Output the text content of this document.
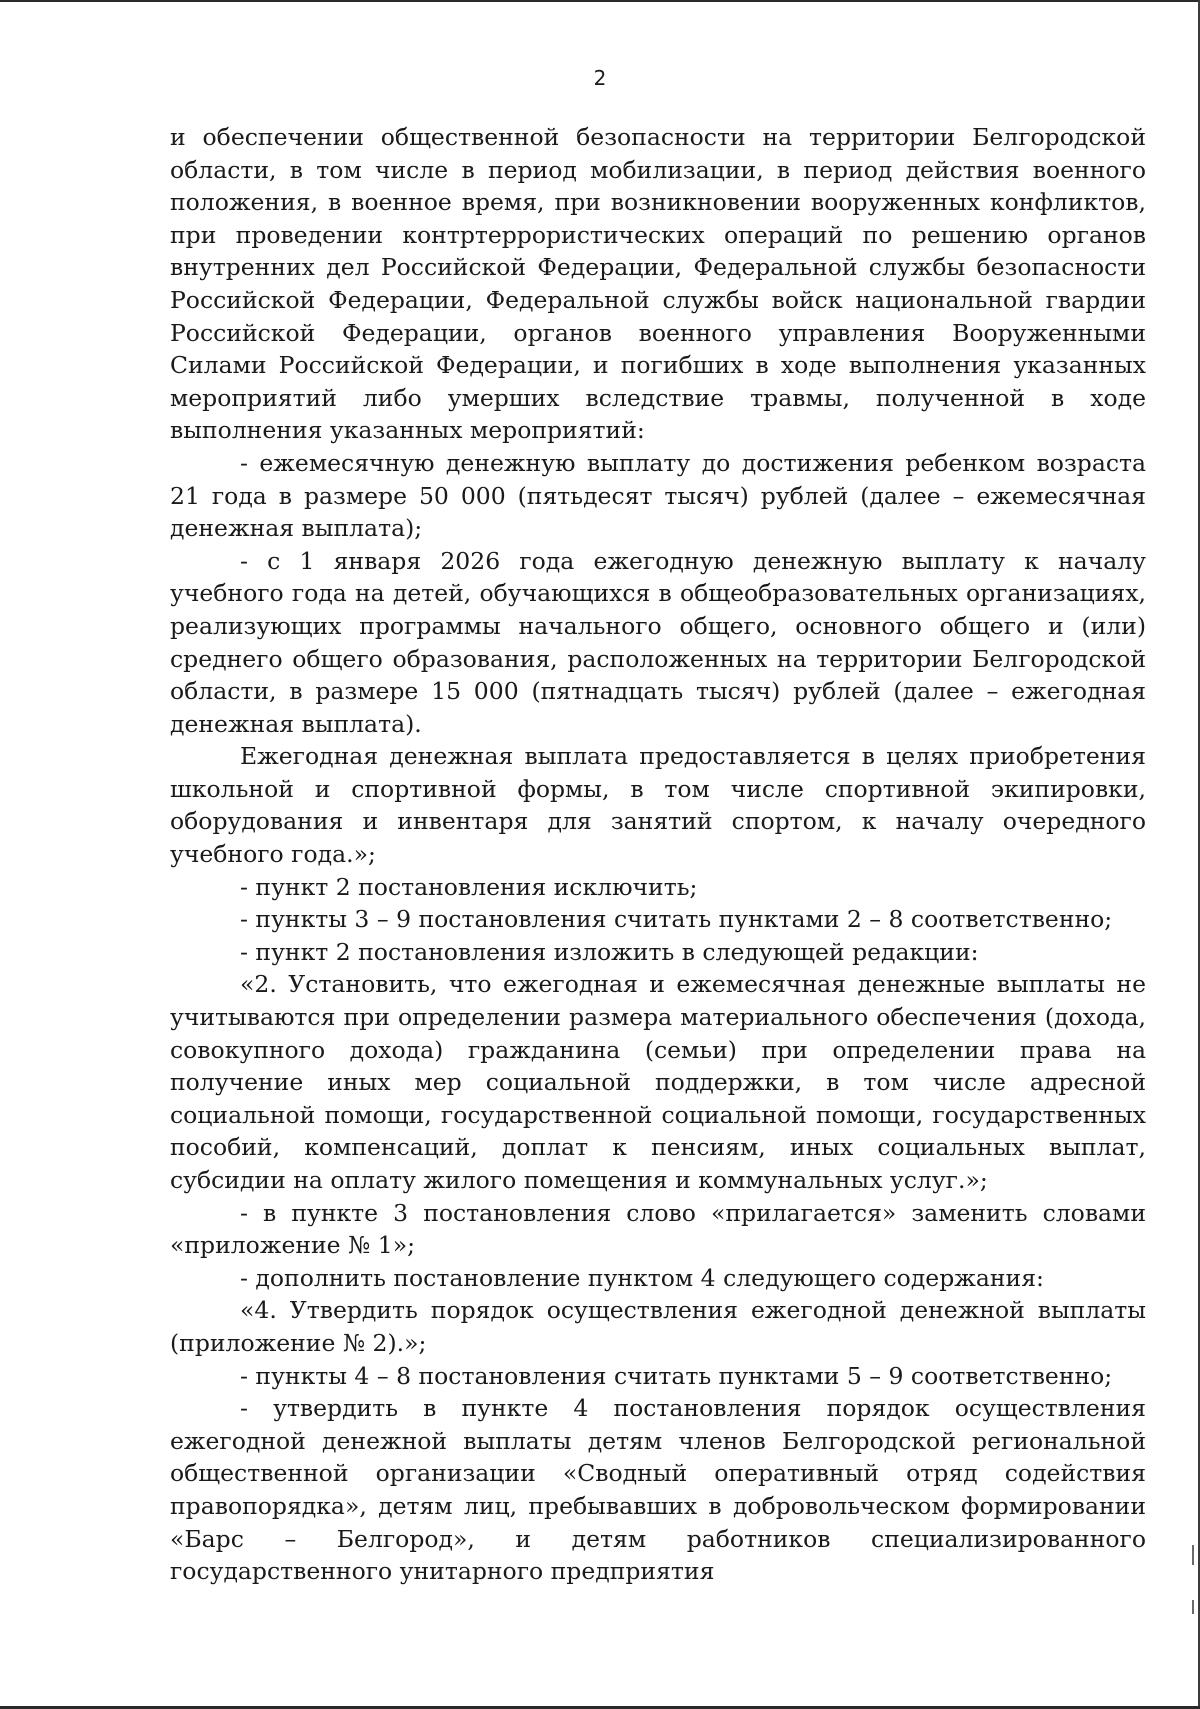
2

и обеспечении общественной безопасности на территории Белгородской области, в том числе в период мобилизации, в период действия военного положения, в военное время, при возникновении вооруженных конфликтов, при проведении контртеррористических операций по решению органов внутренних дел Российской Федерации, Федеральной службы безопасности Российской Федерации, Федеральной службы войск национальной гвардии Российской Федерации, органов военного управления Вооруженными Силами Российской Федерации, и погибших в ходе выполнения указанных мероприятий либо умерших вследствие травмы, полученной в ходе выполнения указанных мероприятий:

- ежемесячную денежную выплату до достижения ребенком возраста 21 года в размере 50 000 (пятьдесят тысяч) рублей (далее – ежемесячная денежная выплата);

- с 1 января 2026 года ежегодную денежную выплату к началу учебного года на детей, обучающихся в общеобразовательных организациях, реализующих программы начального общего, основного общего и (или) среднего общего образования, расположенных на территории Белгородской области, в размере 15 000 (пятнадцать тысяч) рублей (далее – ежегодная денежная выплата).

Ежегодная денежная выплата предоставляется в целях приобретения школьной и спортивной формы, в том числе спортивной экипировки, оборудования и инвентаря для занятий спортом, к началу очередного учебного года.»;

- пункт 2 постановления исключить;

- пункты 3 – 9 постановления считать пунктами 2 – 8 соответственно;

- пункт 2 постановления изложить в следующей редакции:

«2. Установить, что ежегодная и ежемесячная денежные выплаты не учитываются при определении размера материального обеспечения (дохода, совокупного дохода) гражданина (семьи) при определении права на получение иных мер социальной поддержки, в том числе адресной социальной помощи, государственной социальной помощи, государственных пособий, компенсаций, доплат к пенсиям, иных социальных выплат, субсидии на оплату жилого помещения и коммунальных услуг.»;

- в пункте 3 постановления слово «прилагается» заменить словами «приложение № 1»;

- дополнить постановление пунктом 4 следующего содержания:

«4. Утвердить порядок осуществления ежегодной денежной выплаты (приложение № 2).»;

- пункты 4 – 8 постановления считать пунктами 5 – 9 соответственно;

- утвердить в пункте 4 постановления порядок осуществления ежегодной денежной выплаты детям членов Белгородской региональной общественной организации «Сводный оперативный отряд содействия правопорядка», детям лиц, пребывавших в добровольческом формировании «Барс – Белгород», и детям работников специализированного государственного унитарного предприятия
